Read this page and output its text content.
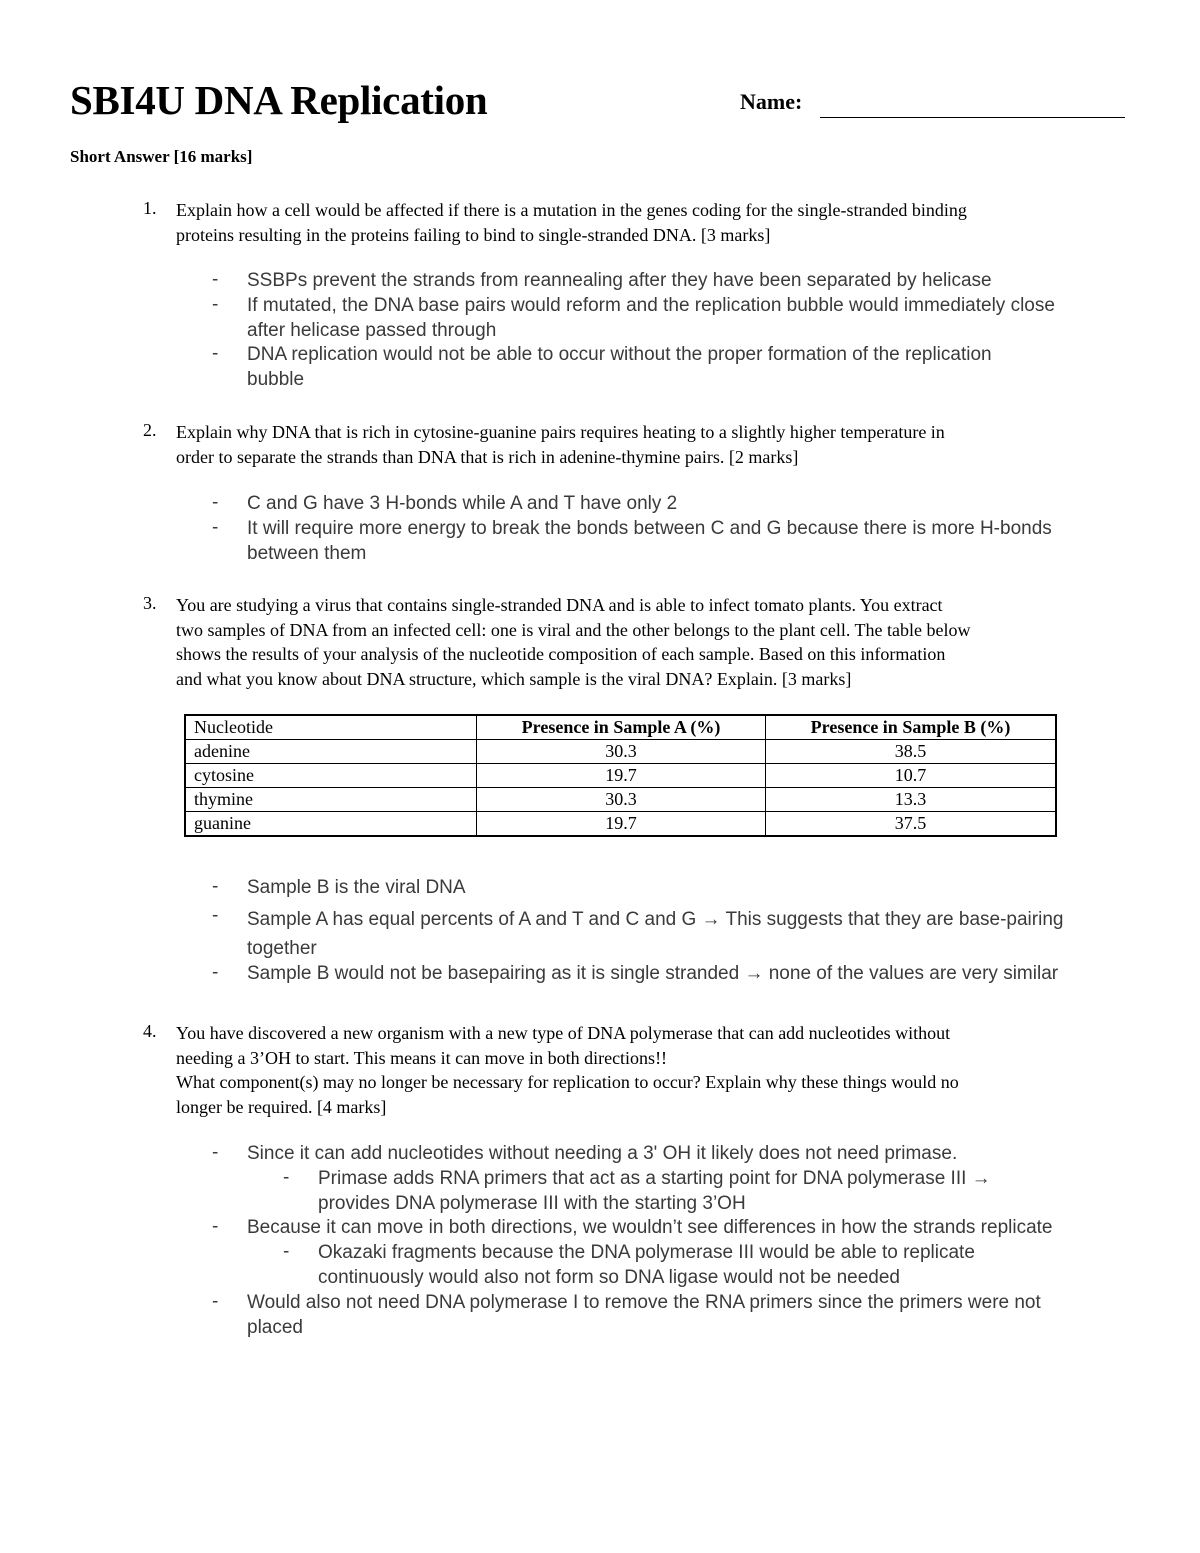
SBI4U DNA Replication	Name:
Short Answer [16 marks]
1. Explain how a cell would be affected if there is a mutation in the genes coding for the single-stranded binding
proteins resulting in the proteins failing to bind to single-stranded DNA. [3 marks]
- SSBPs prevent the strands from reannealing after they have been separated by helicase
- If mutated, the DNA base pairs would reform and the replication bubble would immediately close
after helicase passed through
- DNA replication would not be able to occur without the proper formation of the replication
bubble
2. Explain why DNA that is rich in cytosine-guanine pairs requires heating to a slightly higher temperature in
order to separate the strands than DNA that is rich in adenine-thymine pairs. [2 marks]
- C and G have 3 H-bonds while A and T have only 2
- It will require more energy to break the bonds between C and G because there is more H-bonds
between them
3. You are studying a virus that contains single-stranded DNA and is able to infect tomato plants. You extract
two samples of DNA from an infected cell: one is viral and the other belongs to the plant cell. The table below
shows the results of your analysis of the nucleotide composition of each sample. Based on this information
and what you know about DNA structure, which sample is the viral DNA? Explain. [3 marks]
Nucleotide	Presence in Sample A (%)	Presence in Sample B (%)
adenine	30.3	38.5
cytosine	19.7	10.7
thymine	30.3	13.3
guanine	19.7	37.5
- Sample B is the viral DNA
- Sample A has equal percents of A and T and C and G → This suggests that they are base-pairing
together
- Sample B would not be basepairing as it is single stranded → none of the values are very similar
4. You have discovered a new organism with a new type of DNA polymerase that can add nucleotides without
needing a 3’OH to start. This means it can move in both directions!!
What component(s) may no longer be necessary for replication to occur? Explain why these things would no
longer be required. [4 marks]
- Since it can add nucleotides without needing a 3' OH it likely does not need primase.
- Primase adds RNA primers that act as a starting point for DNA polymerase III →
provides DNA polymerase III with the starting 3’OH
- Because it can move in both directions, we wouldn’t see differences in how the strands replicate
- Okazaki fragments because the DNA polymerase III would be able to replicate
continuously would also not form so DNA ligase would not be needed
- Would also not need DNA polymerase I to remove the RNA primers since the primers were not
placed
